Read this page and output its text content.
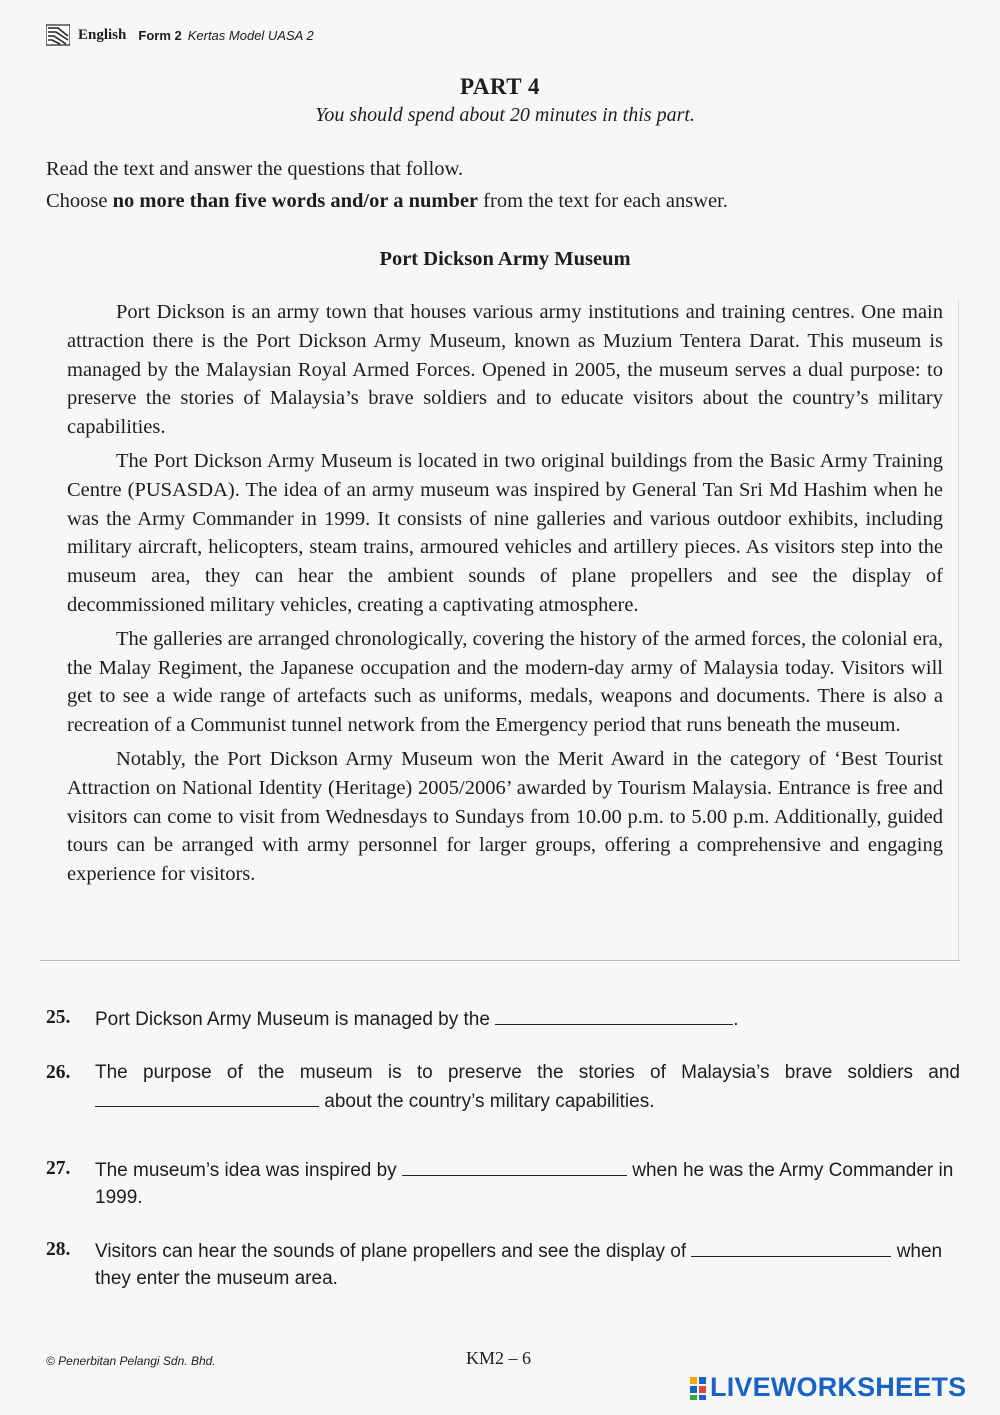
English Form 2 Kertas Model UASA 2
PART 4
You should spend about 20 minutes in this part.
Read the text and answer the questions that follow.
Choose no more than five words and/or a number from the text for each answer.
Port Dickson Army Museum

Port Dickson is an army town that houses various army institutions and training centres. One main attraction there is the Port Dickson Army Museum, known as Muzium Tentera Darat. This museum is managed by the Malaysian Royal Armed Forces. Opened in 2005, the museum serves a dual purpose: to preserve the stories of Malaysia’s brave soldiers and to educate visitors about the country’s military capabilities.

The Port Dickson Army Museum is located in two original buildings from the Basic Army Training Centre (PUSASDA). The idea of an army museum was inspired by General Tan Sri Md Hashim when he was the Army Commander in 1999. It consists of nine galleries and various outdoor exhibits, including military aircraft, helicopters, steam trains, armoured vehicles and artillery pieces. As visitors step into the museum area, they can hear the ambient sounds of plane propellers and see the display of decommissioned military vehicles, creating a captivating atmosphere.

The galleries are arranged chronologically, covering the history of the armed forces, the colonial era, the Malay Regiment, the Japanese occupation and the modern-day army of Malaysia today. Visitors will get to see a wide range of artefacts such as uniforms, medals, weapons and documents. There is also a recreation of a Communist tunnel network from the Emergency period that runs beneath the museum.

Notably, the Port Dickson Army Museum won the Merit Award in the category of ‘Best Tourist Attraction on National Identity (Heritage) 2005/2006’ awarded by Tourism Malaysia. Entrance is free and visitors can come to visit from Wednesdays to Sundays from 10.00 p.m. to 5.00 p.m. Additionally, guided tours can be arranged with army personnel for larger groups, offering a comprehensive and engaging experience for visitors.

25. Port Dickson Army Museum is managed by the	.
26. The purpose of the museum is to preserve the stories of Malaysia’s brave soldiers and  about the country’s military capabilities.
27. The museum’s idea was inspired by	when he was the Army Commander in 1999.
28. Visitors can hear the sounds of plane propellers and see the display of	when they enter the museum area.
© Penerbitan Pelangi Sdn. Bhd.	KM2 – 6
LIVEWORKSHEETS
